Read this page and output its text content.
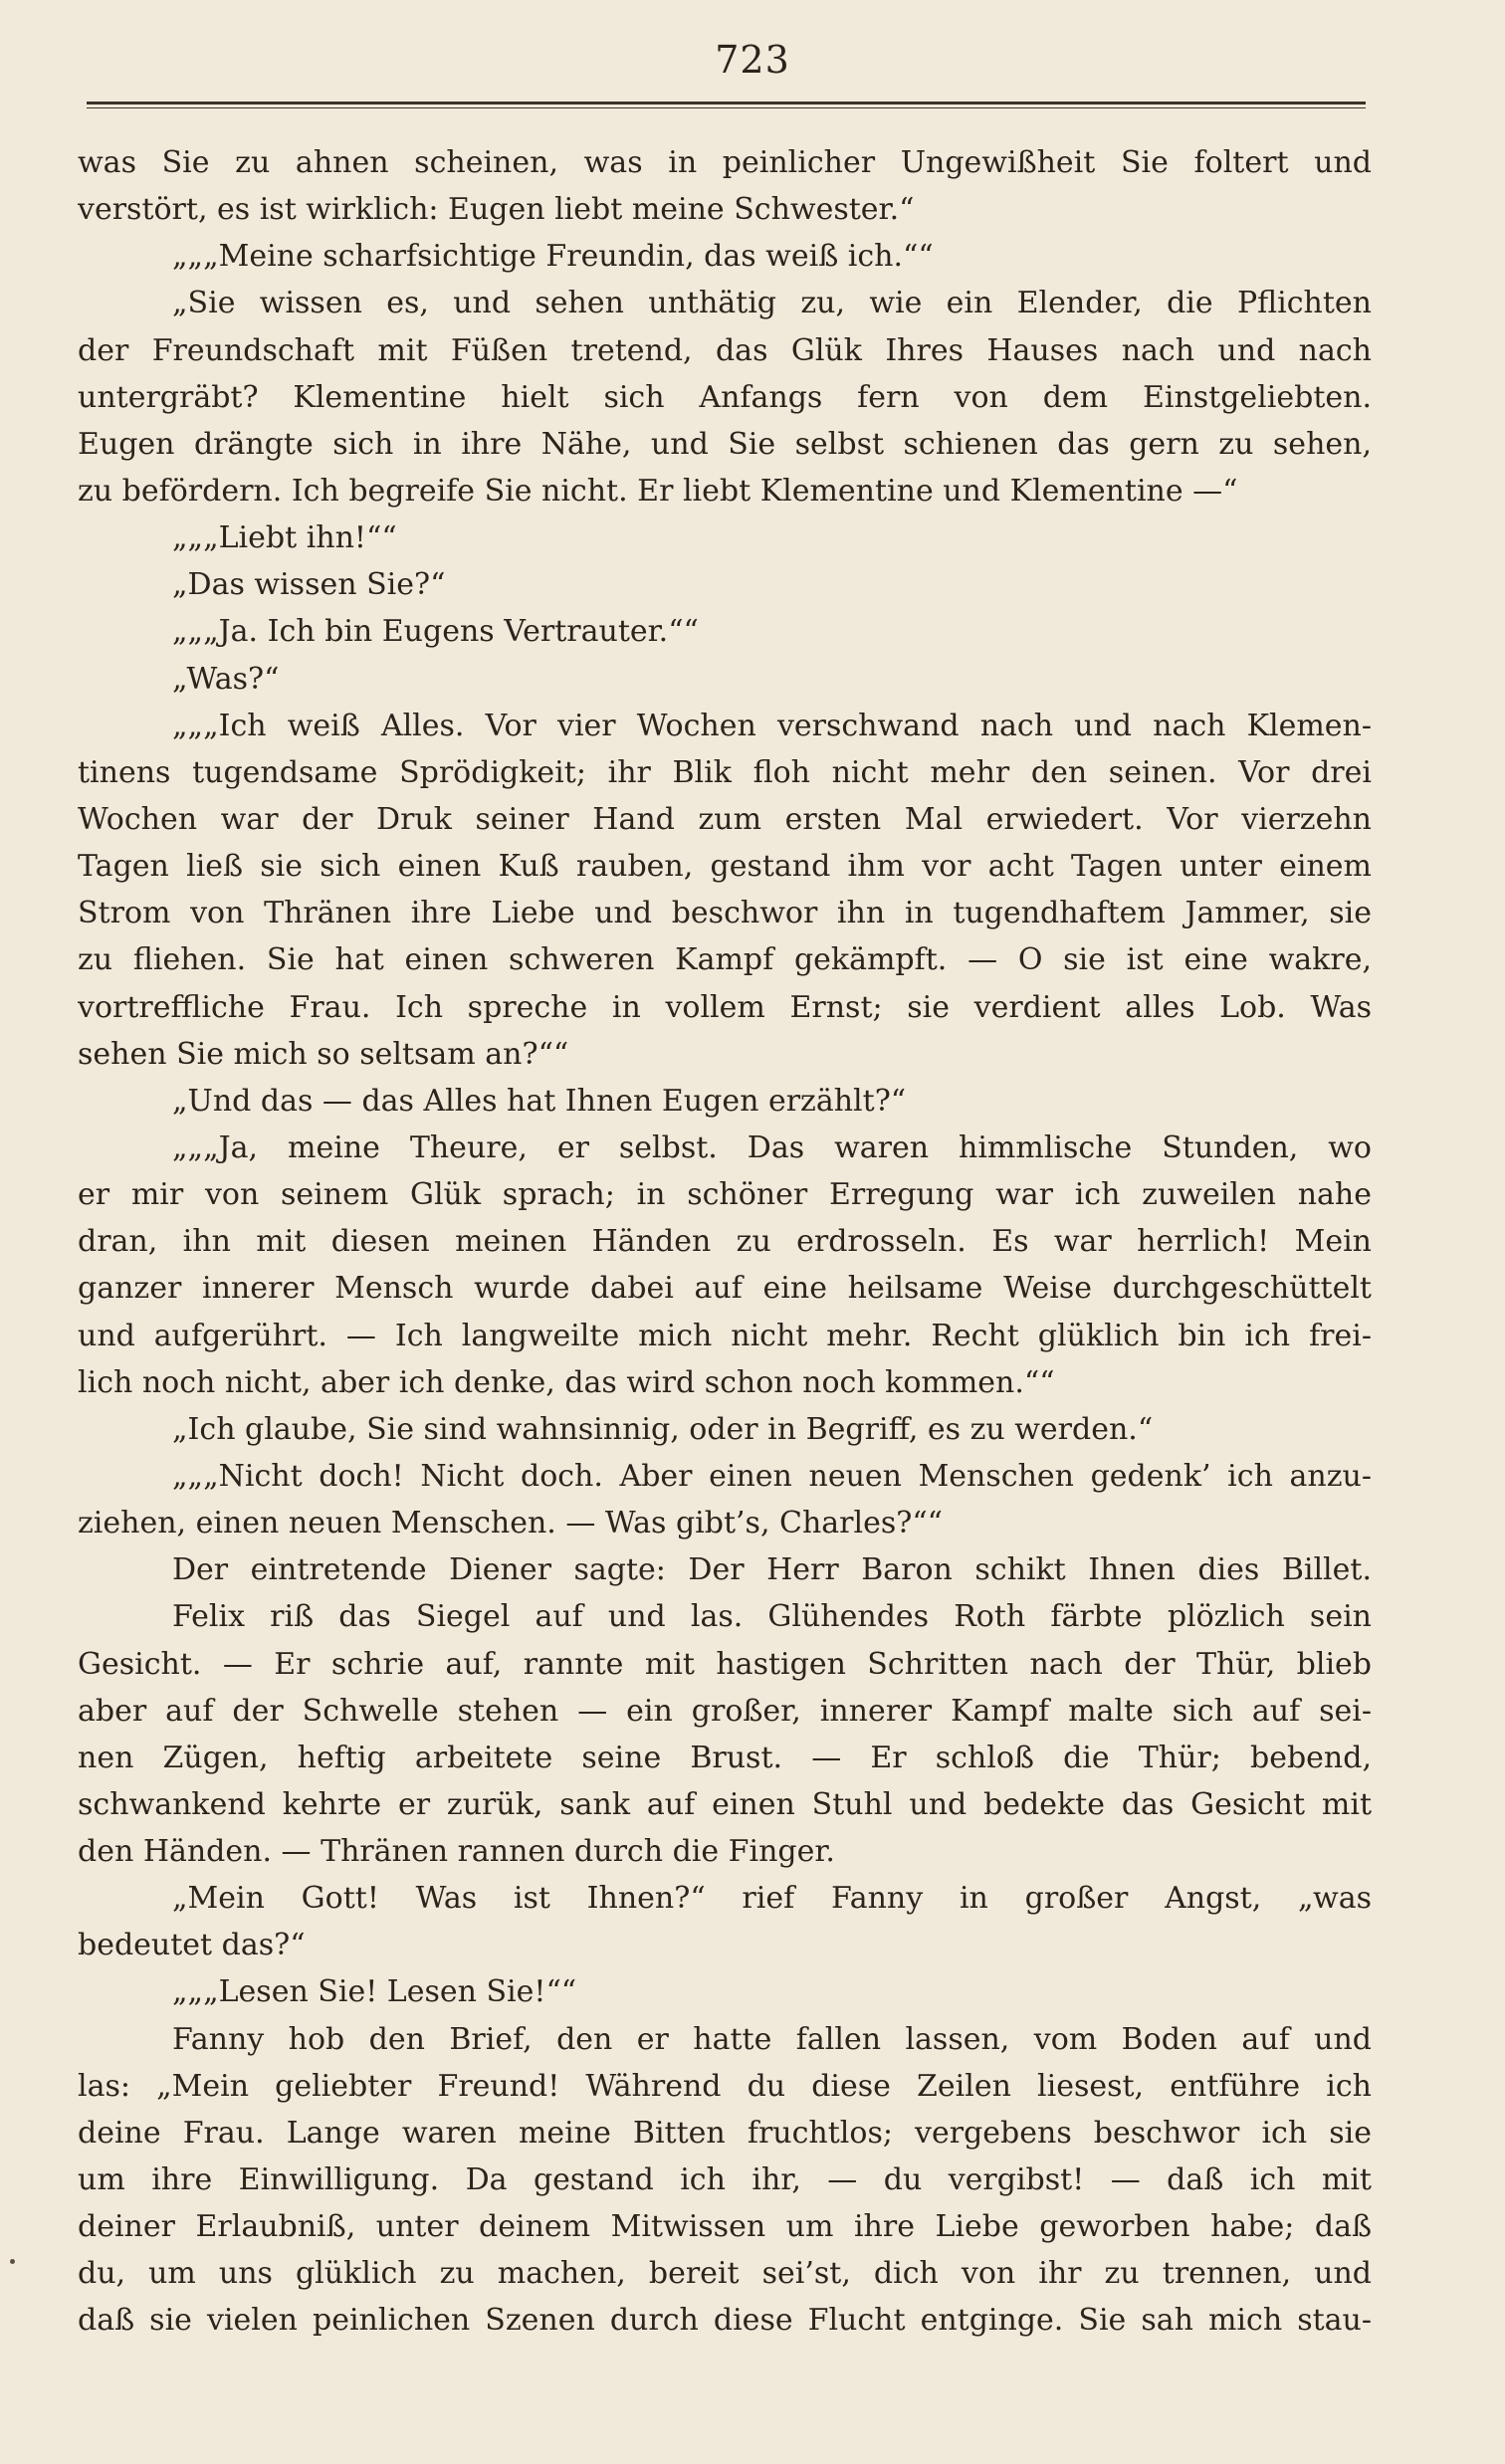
723
was Sie zu ahnen scheinen, was in peinlicher Ungewißheit Sie foltert und
verstört, es ist wirklich: Eugen liebt meine Schwester.“
„„„Meine scharfsichtige Freundin, das weiß ich.““
„Sie wissen es, und sehen unthätig zu, wie ein Elender, die Pflichten
der Freundschaft mit Füßen tretend, das Glük Ihres Hauses nach und nach
untergräbt? Klementine hielt sich Anfangs fern von dem Einstgeliebten.
Eugen drängte sich in ihre Nähe, und Sie selbst schienen das gern zu sehen,
zu befördern. Ich begreife Sie nicht. Er liebt Klementine und Klementine —“
„„„Liebt ihn!““
„Das wissen Sie?“
„„„Ja. Ich bin Eugens Vertrauter.““
„Was?“
„„„Ich weiß Alles. Vor vier Wochen verschwand nach und nach Klemen-
tinens tugendsame Sprödigkeit; ihr Blik floh nicht mehr den seinen. Vor drei
Wochen war der Druk seiner Hand zum ersten Mal erwiedert. Vor vierzehn
Tagen ließ sie sich einen Kuß rauben, gestand ihm vor acht Tagen unter einem
Strom von Thränen ihre Liebe und beschwor ihn in tugendhaftem Jammer, sie
zu fliehen. Sie hat einen schweren Kampf gekämpft. — O sie ist eine wakre,
vortreffliche Frau. Ich spreche in vollem Ernst; sie verdient alles Lob. Was
sehen Sie mich so seltsam an?““
„Und das — das Alles hat Ihnen Eugen erzählt?“
„„„Ja, meine Theure, er selbst. Das waren himmlische Stunden, wo
er mir von seinem Glük sprach; in schöner Erregung war ich zuweilen nahe
dran, ihn mit diesen meinen Händen zu erdrosseln. Es war herrlich! Mein
ganzer innerer Mensch wurde dabei auf eine heilsame Weise durchgeschüttelt
und aufgerührt. — Ich langweilte mich nicht mehr. Recht glüklich bin ich frei-
lich noch nicht, aber ich denke, das wird schon noch kommen.““
„Ich glaube, Sie sind wahnsinnig, oder in Begriff, es zu werden.“
„„„Nicht doch! Nicht doch. Aber einen neuen Menschen gedenk’ ich anzu-
ziehen, einen neuen Menschen. — Was gibt’s, Charles?““
Der eintretende Diener sagte: Der Herr Baron schikt Ihnen dies Billet.
Felix riß das Siegel auf und las. Glühendes Roth färbte plözlich sein
Gesicht. — Er schrie auf, rannte mit hastigen Schritten nach der Thür, blieb
aber auf der Schwelle stehen — ein großer, innerer Kampf malte sich auf sei-
nen Zügen, heftig arbeitete seine Brust. — Er schloß die Thür; bebend,
schwankend kehrte er zurük, sank auf einen Stuhl und bedekte das Gesicht mit
den Händen. — Thränen rannen durch die Finger.
„Mein Gott! Was ist Ihnen?“ rief Fanny in großer Angst, „was
bedeutet das?“
„„„Lesen Sie! Lesen Sie!““
Fanny hob den Brief, den er hatte fallen lassen, vom Boden auf und
las: „Mein geliebter Freund! Während du diese Zeilen liesest, entführe ich
deine Frau. Lange waren meine Bitten fruchtlos; vergebens beschwor ich sie
um ihre Einwilligung. Da gestand ich ihr, — du vergibst! — daß ich mit
deiner Erlaubniß, unter deinem Mitwissen um ihre Liebe geworben habe; daß
du, um uns glüklich zu machen, bereit sei’st, dich von ihr zu trennen, und
daß sie vielen peinlichen Szenen durch diese Flucht entginge. Sie sah mich stau-
